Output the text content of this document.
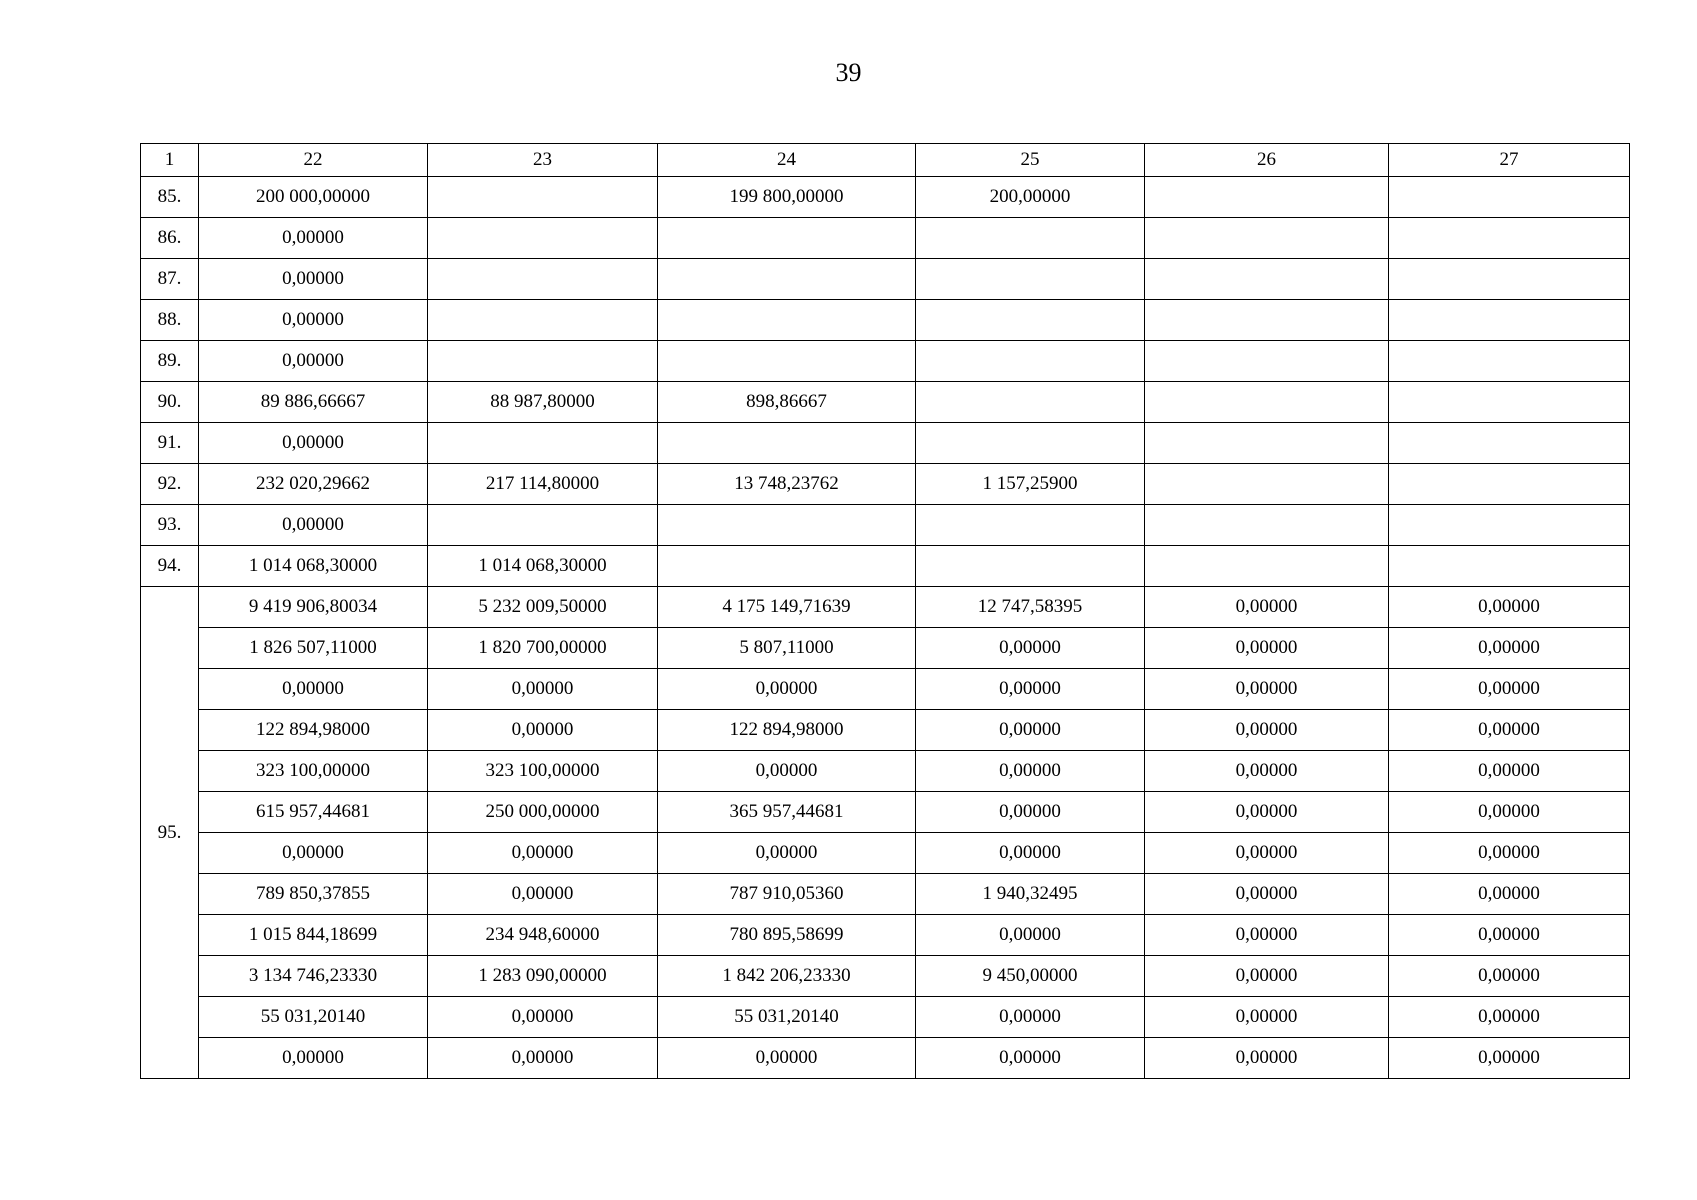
39
1	22	23	24	25	26	27
85.	200 000,00000		199 800,00000	200,00000		
86.	0,00000					
87.	0,00000					
88.	0,00000					
89.	0,00000					
90.	89 886,66667	88 987,80000	898,86667			
91.	0,00000					
92.	232 020,29662	217 114,80000	13 748,23762	1 157,25900		
93.	0,00000					
94.	1 014 068,30000	1 014 068,30000				
95.	9 419 906,80034	5 232 009,50000	4 175 149,71639	12 747,58395	0,00000	0,00000
	1 826 507,11000	1 820 700,00000	5 807,11000	0,00000	0,00000	0,00000
	0,00000	0,00000	0,00000	0,00000	0,00000	0,00000
	122 894,98000	0,00000	122 894,98000	0,00000	0,00000	0,00000
	323 100,00000	323 100,00000	0,00000	0,00000	0,00000	0,00000
	615 957,44681	250 000,00000	365 957,44681	0,00000	0,00000	0,00000
	0,00000	0,00000	0,00000	0,00000	0,00000	0,00000
	789 850,37855	0,00000	787 910,05360	1 940,32495	0,00000	0,00000
	1 015 844,18699	234 948,60000	780 895,58699	0,00000	0,00000	0,00000
	3 134 746,23330	1 283 090,00000	1 842 206,23330	9 450,00000	0,00000	0,00000
	55 031,20140	0,00000	55 031,20140	0,00000	0,00000	0,00000
	0,00000	0,00000	0,00000	0,00000	0,00000	0,00000
